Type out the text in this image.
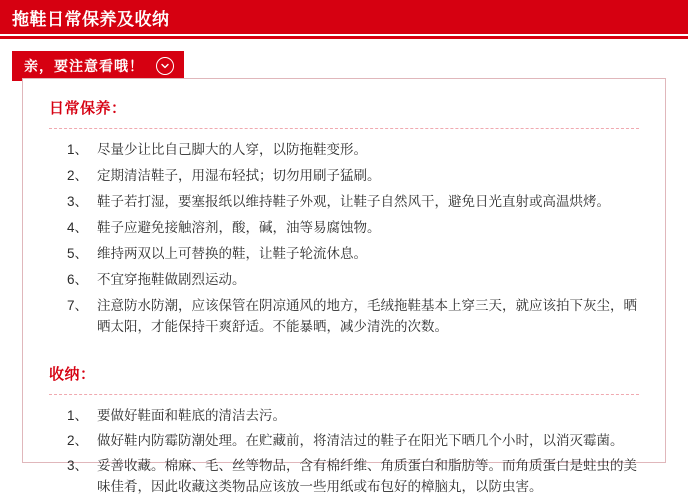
拖鞋日常保养及收纳
亲，要注意看哦！
日常保养：
1、 尽量少让比自己脚大的人穿，以防拖鞋变形。
2、 定期清洁鞋子，用湿布轻拭；切勿用刷子猛刷。
3、 鞋子若打湿，要塞报纸以维持鞋子外观，让鞋子自然风干，避免日光直射或高温烘烤。
4、 鞋子应避免接触溶剂，酸，碱，油等易腐蚀物。
5、 维持两双以上可替换的鞋，让鞋子轮流休息。
6、 不宜穿拖鞋做剧烈运动。
7、 注意防水防潮，应该保管在阴凉通风的地方，毛绒拖鞋基本上穿三天，就应该拍下灰尘，晒晒太阳，才能保持干爽舒适。不能暴晒，减少清洗的次数。
收纳：
1、 要做好鞋面和鞋底的清洁去污。
2、 做好鞋内防霉防潮处理。在贮藏前，将清洁过的鞋子在阳光下晒几个小时，以消灭霉菌。
3、 妥善收藏。棉麻、毛、丝等物品，含有棉纤维、角质蛋白和脂肪等。而角质蛋白是蛀虫的美味佳肴，因此收藏这类物品应该放一些用纸或布包好的樟脑丸，以防虫害。
